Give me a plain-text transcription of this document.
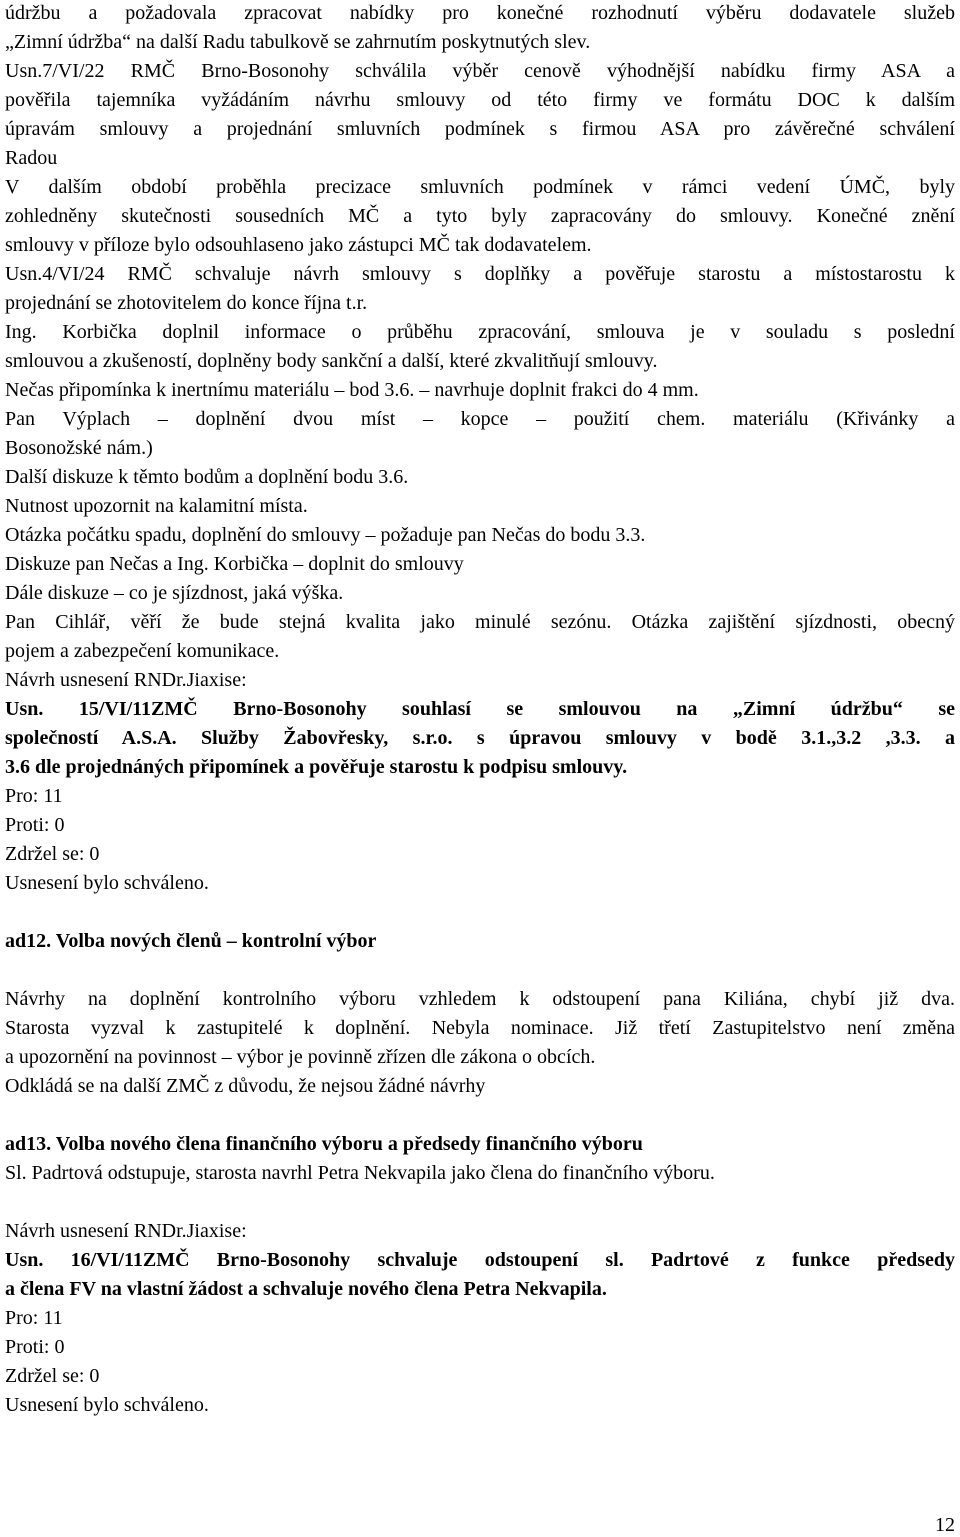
údržbu a požadovala zpracovat nabídky pro konečné rozhodnutí výběru dodavatele služeb
„Zimní údržba“ na další Radu tabulkově se zahrnutím poskytnutých slev.
Usn.7/VI/22 RMČ Brno-Bosonohy schválila výběr cenově výhodnější nabídku firmy ASA a
pověřila tajemníka vyžádáním návrhu smlouvy od této firmy ve formátu DOC k dalším
úpravám smlouvy a projednání smluvních podmínek s firmou ASA pro závěrečné schválení
Radou
V dalším období proběhla precizace smluvních podmínek v rámci vedení ÚMČ, byly
zohledněny skutečnosti sousedních MČ a tyto byly zapracovány do smlouvy. Konečné znění
smlouvy v příloze bylo odsouhlaseno jako zástupci MČ tak dodavatelem.
Usn.4/VI/24 RMČ schvaluje návrh smlouvy s doplňky a pověřuje starostu a místostarostu k
projednání se zhotovitelem do konce října t.r.
Ing. Korbička doplnil informace o průběhu zpracování, smlouva je v souladu s poslední
smlouvou a zkušeností, doplněny body sankční a další, které zkvalitňují smlouvy.
Nečas připomínka k inertnímu materiálu – bod 3.6. – navrhuje doplnit frakci do 4 mm.
Pan Výplach – doplnění dvou míst – kopce – použití chem. materiálu (Křivánky a
Bosonožské nám.)
Další diskuze k těmto bodům a doplnění bodu 3.6.
Nutnost upozornit na kalamitní místa.
Otázka počátku spadu, doplnění do smlouvy – požaduje pan Nečas do bodu 3.3.
Diskuze pan Nečas a Ing. Korbička – doplnit do smlouvy
Dále diskuze – co je sjízdnost, jaká výška.
Pan Cihlář, věří že bude stejná kvalita jako minulé sezónu. Otázka zajištění sjízdnosti, obecný
pojem a zabezpečení komunikace.
Návrh usnesení RNDr.Jiaxise:
Usn. 15/VI/11ZMČ Brno-Bosonohy souhlasí se smlouvou na „Zimní údržbu“ se
společností A.S.A. Služby Žabovřesky, s.r.o. s úpravou smlouvy v bodě 3.1.,3.2 ,3.3. a
3.6 dle projednáných připomínek a pověřuje starostu k podpisu smlouvy.
Pro: 11
Proti: 0
Zdržel se: 0
Usnesení bylo schváleno.
ad12. Volba nových členů – kontrolní výbor
Návrhy na doplnění kontrolního výboru vzhledem k odstoupení pana Kiliána, chybí již dva.
Starosta vyzval k zastupitelé k doplnění. Nebyla nominace. Již třetí Zastupitelstvo není změna
a upozornění na povinnost – výbor je povinně zřízen dle zákona o obcích.
Odkládá se na další ZMČ z důvodu, že nejsou žádné návrhy
ad13. Volba nového člena finančního výboru a předsedy finančního výboru
Sl. Padrtová odstupuje, starosta navrhl Petra Nekvapila jako člena do finančního výboru.
Návrh usnesení RNDr.Jiaxise:
Usn. 16/VI/11ZMČ Brno-Bosonohy schvaluje odstoupení sl. Padrtové z funkce předsedy
a člena FV na vlastní žádost a schvaluje nového člena Petra Nekvapila.
Pro: 11
Proti: 0
Zdržel se: 0
Usnesení bylo schváleno.
12
